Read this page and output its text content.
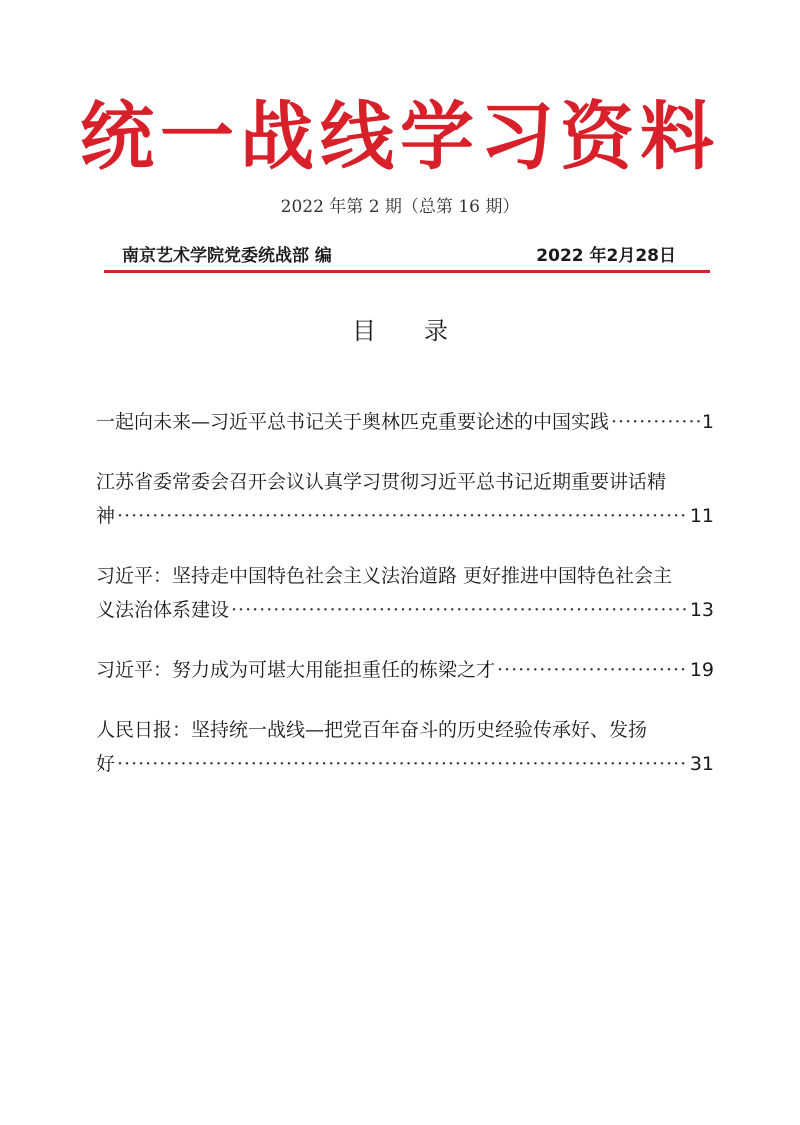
统一战线学习资料
2022 年第 2 期（总第 16 期）
南京艺术学院党委统战部 编	2022 年2月28日
目 录
一起向未来—习近平总书记关于奥林匹克重要论述的中国实践 ·····	1
江苏省委常委会召开会议认真学习贯彻习近平总书记近期重要讲话精
神 ·····	11
习近平：坚持走中国特色社会主义法治道路 更好推进中国特色社会主
义法治体系建设 ·····	13
习近平：努力成为可堪大用能担重任的栋梁之才 ·····	19
人民日报：坚持统一战线—把党百年奋斗的历史经验传承好、发扬
好 ·····	31
